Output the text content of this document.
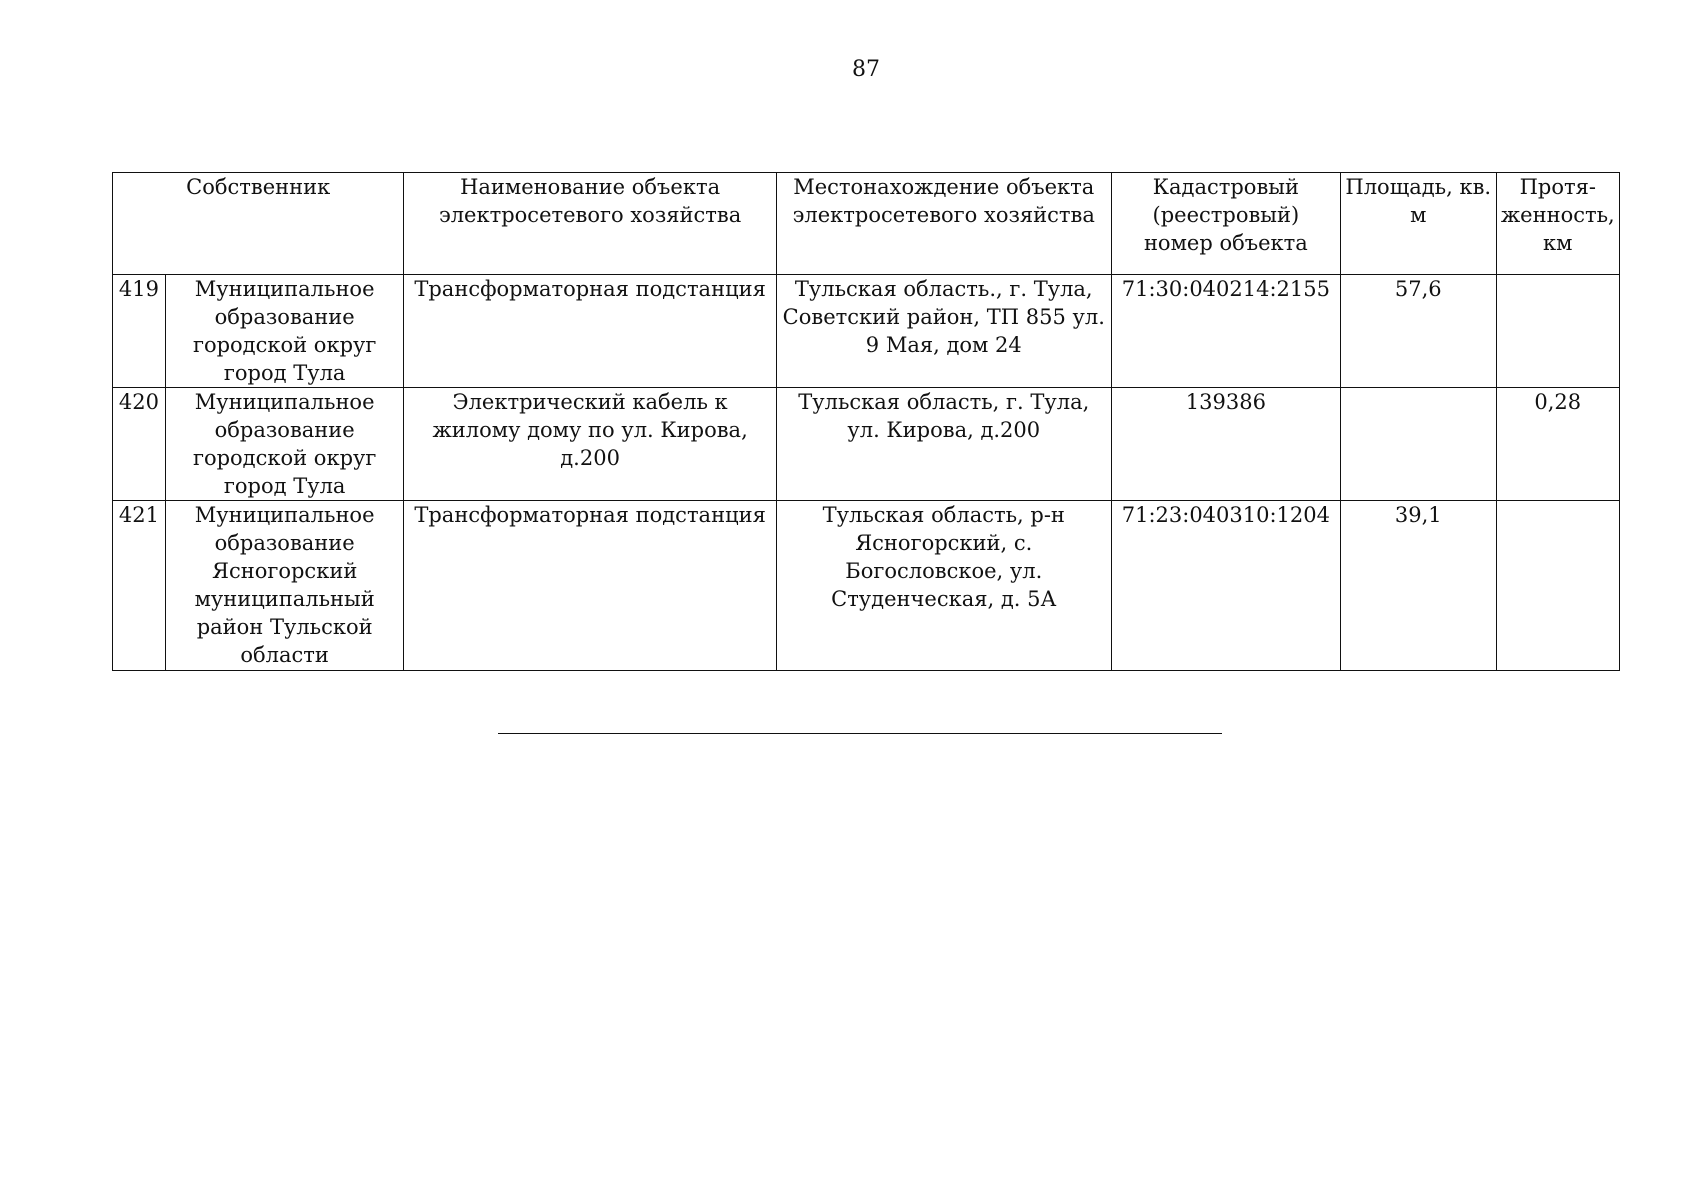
87
Собственник		Наименование объекта электросетевого хозяйства	Местонахождение объекта электросетевого хозяйства	Кадастровый (реестровый) номер объекта	Площадь, кв. м	Протя-женность, км

419	Муниципальное образование городской округ город Тула	Трансформаторная подстанция	Тульская область., г. Тула, Советский район, ТП 855 ул. 9 Мая, дом 24	71:30:040214:2155	57,6	
420	Муниципальное образование городской округ город Тула	Электрический кабель к жилому дому по ул. Кирова, д.200	Тульская область, г. Тула, ул. Кирова, д.200	139386		0,28
421	Муниципальное образование Ясногорский муниципальный район Тульской области	Трансформаторная подстанция	Тульская область, р-н Ясногорский, с. Богословское, ул. Студенческая, д. 5А	71:23:040310:1204	39,1	
